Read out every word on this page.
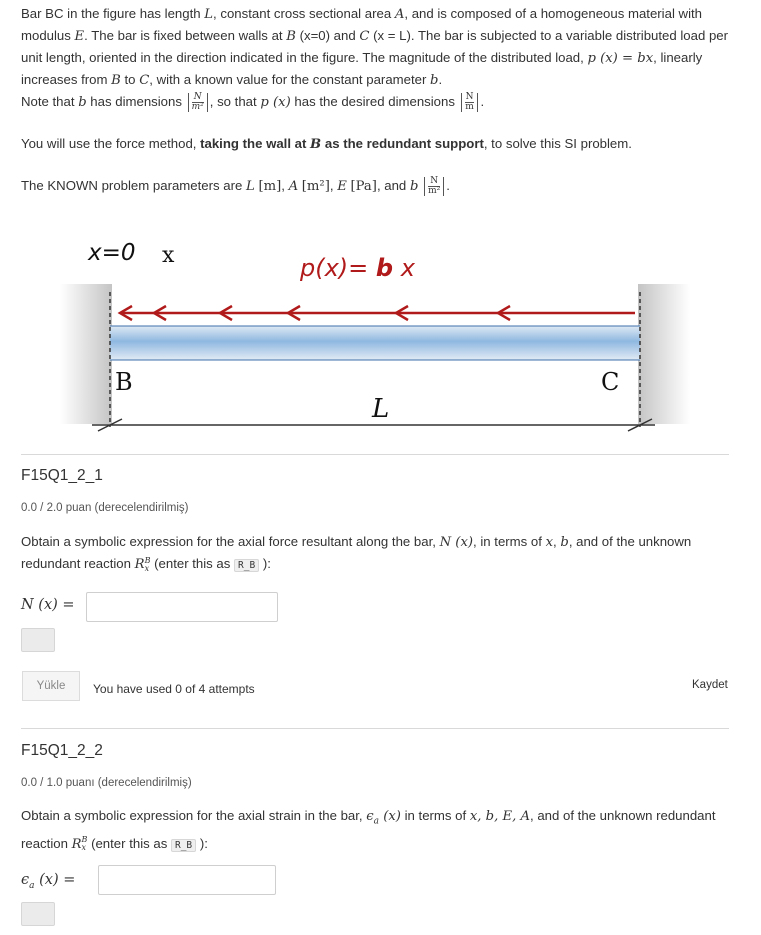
Bar BC in the figure has length L, constant cross sectional area A, and is composed of a homogeneous material with modulus E. The bar is fixed between walls at B (x=0) and C (x = L). The bar is subjected to a variable distributed load per unit length, oriented in the direction indicated in the figure. The magnitude of the distributed load, p (x) = bx, linearly increases from B to C, with a known value for the constant parameter b.

Note that b has dimensions $\frac{N}{\text{m²}}$ , so that p (x) has the desired dimensions $\frac{N}{m}$ .

You will use the force method, taking the wall at B as the redundant support, to solve this SI problem.

The KNOWN problem parameters are L [m], A [m²], E [Pa], and b $\frac{N}{\text{m²}}$ .

x=0 x	p(x)= b x
B	C
L
F15Q1_2_1
0.0 / 2.0 puan (derecelendirilmiş)
Obtain a symbolic expression for the axial force resultant along the bar, N (x), in terms of x, b, and of the unknown redundant reaction R B
x (enter this as R_B ):
N (x) =
Yükle	You have used 0 of 4 attempts	Kaydet
F15Q1_2_2
0.0 / 1.0 puanı (derecelendirilmiş)
Obtain a symbolic expression for the axial strain in the bar, $\epsilon_a$ (x) in terms of x, b, E, A, and of the unknown redundant reaction R B
x (enter this as R_B ):
$\epsilon_a$ (x) =
